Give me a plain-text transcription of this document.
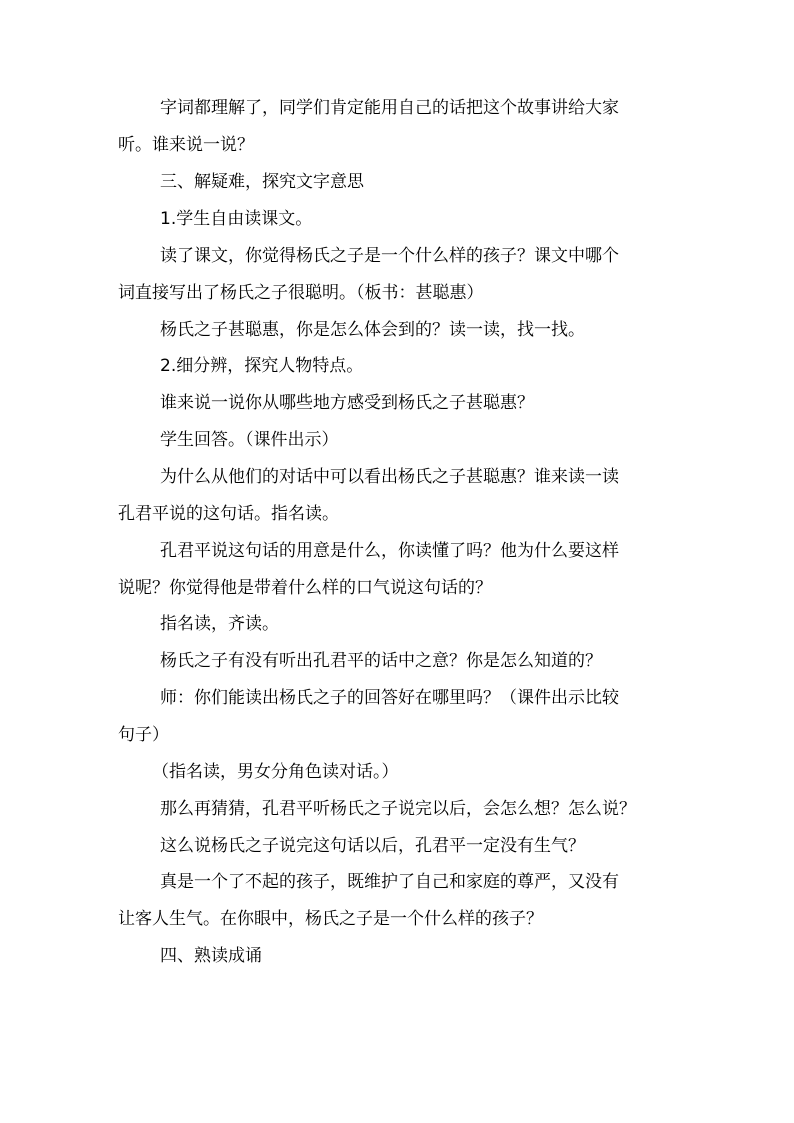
字词都理解了，同学们肯定能用自己的话把这个故事讲给大家

听。谁来说一说？

三、解疑难，探究文字意思

1.学生自由读课文。

读了课文，你觉得杨氏之子是一个什么样的孩子？课文中哪个

词直接写出了杨氏之子很聪明。（板书：甚聪惠）

杨氏之子甚聪惠，你是怎么体会到的？读一读，找一找。

2.细分辨，探究人物特点。

谁来说一说你从哪些地方感受到杨氏之子甚聪惠？

学生回答。（课件出示）

为什么从他们的对话中可以看出杨氏之子甚聪惠？谁来读一读

孔君平说的这句话。指名读。

孔君平说这句话的用意是什么，你读懂了吗？他为什么要这样

说呢？你觉得他是带着什么样的口气说这句话的？

指名读，齐读。

杨氏之子有没有听出孔君平的话中之意？你是怎么知道的？

师：你们能读出杨氏之子的回答好在哪里吗？（课件出示比较

句子）

（指名读，男女分角色读对话。）

那么再猜猜，孔君平听杨氏之子说完以后，会怎么想？怎么说？

这么说杨氏之子说完这句话以后，孔君平一定没有生气？

真是一个了不起的孩子，既维护了自己和家庭的尊严，又没有

让客人生气。在你眼中，杨氏之子是一个什么样的孩子？

四、熟读成诵
